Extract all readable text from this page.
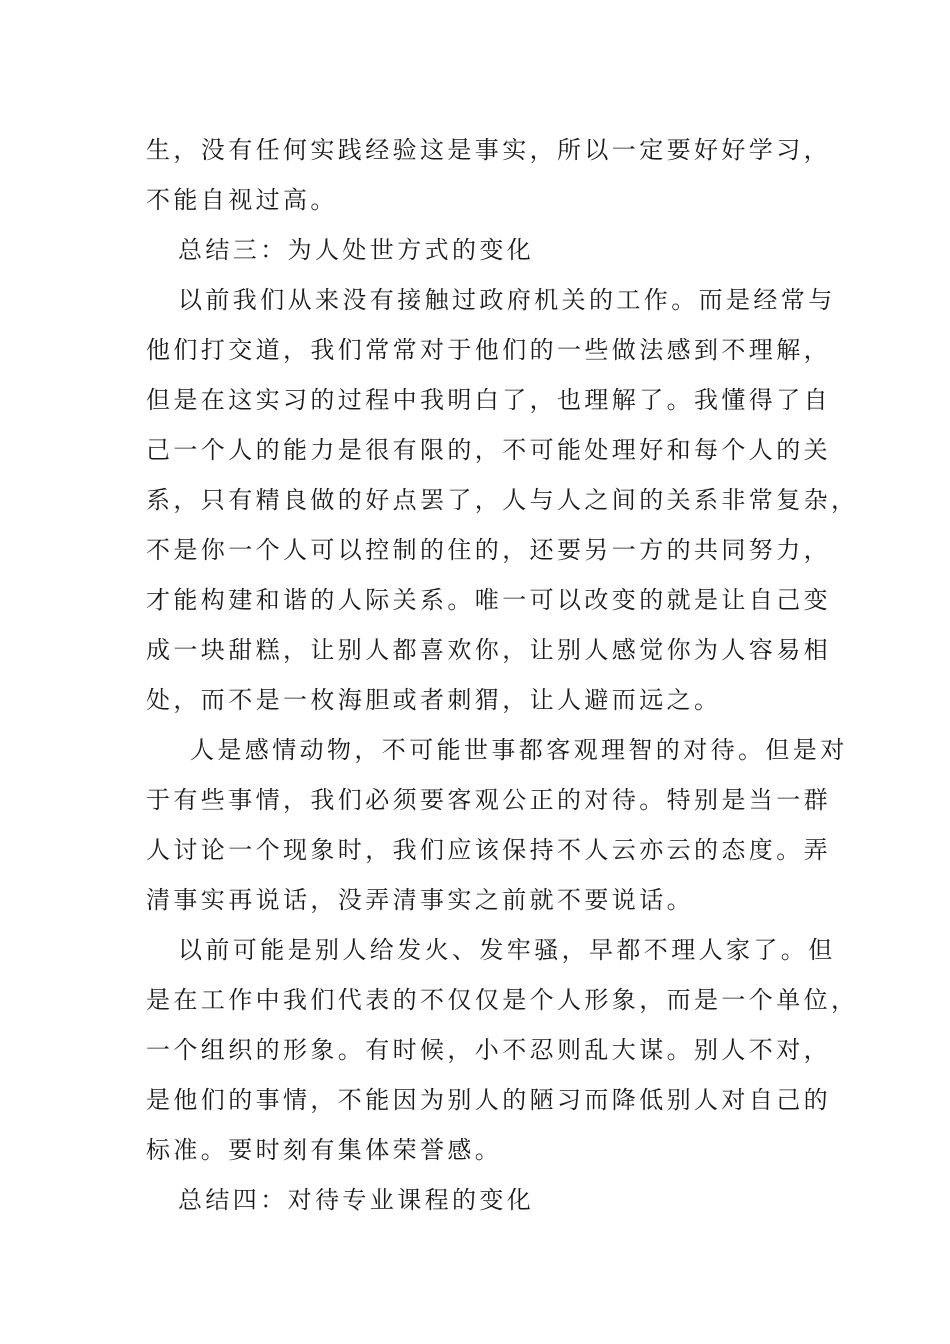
生，没有任何实践经验这是事实，所以一定要好好学习，
不能自视过高。
总结三：为人处世方式的变化
以前我们从来没有接触过政府机关的工作。而是经常与
他们打交道，我们常常对于他们的一些做法感到不理解，
但是在这实习的过程中我明白了，也理解了。我懂得了自
己一个人的能力是很有限的，不可能处理好和每个人的关
系，只有精良做的好点罢了，人与人之间的关系非常复杂，
不是你一个人可以控制的住的，还要另一方的共同努力，
才能构建和谐的人际关系。唯一可以改变的就是让自己变
成一块甜糕，让别人都喜欢你，让别人感觉你为人容易相
处，而不是一枚海胆或者刺猬，让人避而远之。
人是感情动物，不可能世事都客观理智的对待。但是对
于有些事情，我们必须要客观公正的对待。特别是当一群
人讨论一个现象时，我们应该保持不人云亦云的态度。弄
清事实再说话，没弄清事实之前就不要说话。
以前可能是别人给发火、发牢骚，早都不理人家了。但
是在工作中我们代表的不仅仅是个人形象，而是一个单位，
一个组织的形象。有时候，小不忍则乱大谋。别人不对，
是他们的事情，不能因为别人的陋习而降低别人对自己的
标准。要时刻有集体荣誉感。
总结四：对待专业课程的变化
